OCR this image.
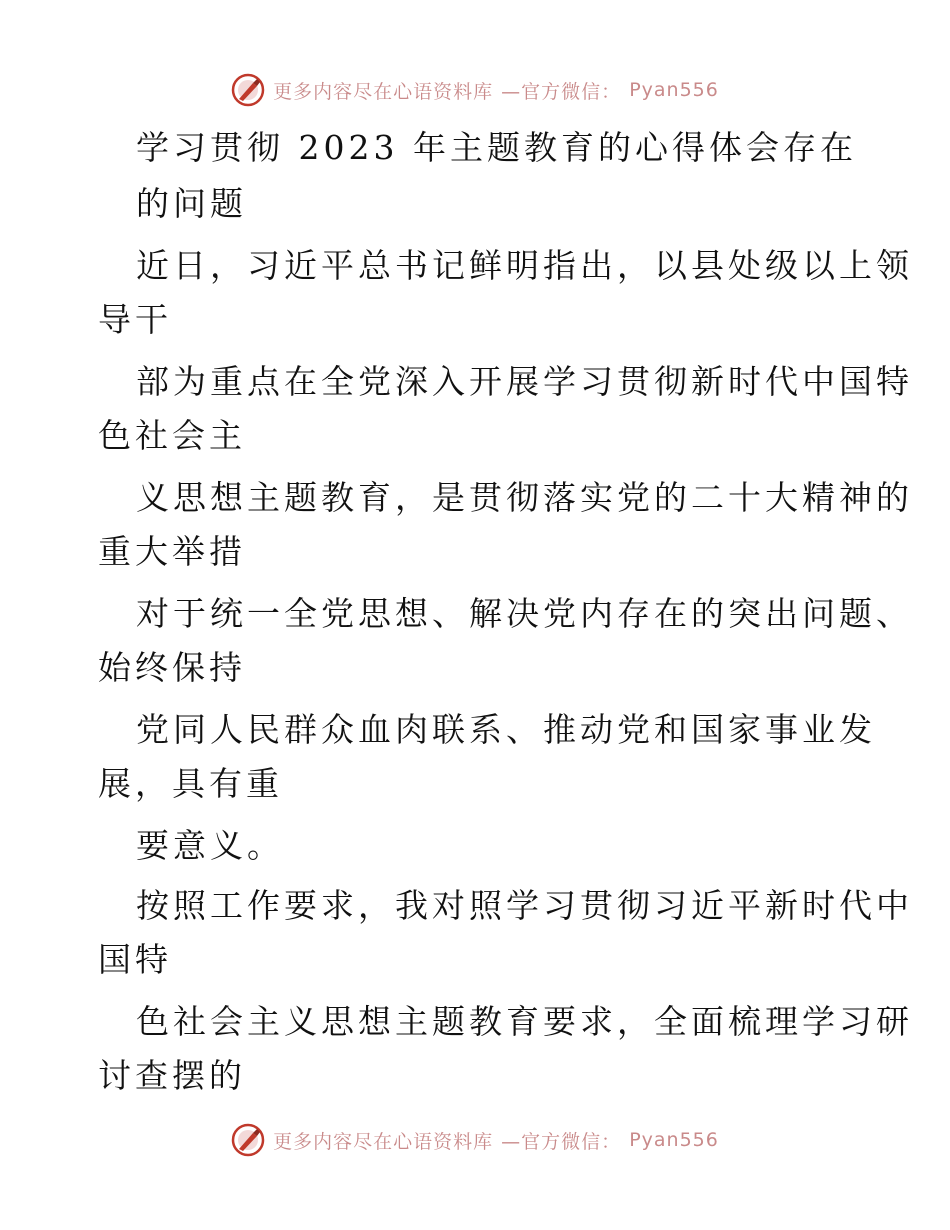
更多内容尽在心语资料库 —官方微信： Pyan556
学习贯彻 2023 年主题教育的心得体会存在
的问题
近日，习近平总书记鲜明指出，以县处级以上领
导干
部为重点在全党深入开展学习贯彻新时代中国特
色社会主
义思想主题教育，是贯彻落实党的二十大精神的
重大举措
对于统一全党思想、解决党内存在的突出问题、
始终保持
党同人民群众血肉联系、推动党和国家事业发
展，具有重
要意义。
按照工作要求，我对照学习贯彻习近平新时代中
国特
色社会主义思想主题教育要求，全面梳理学习研
讨查摆的
更多内容尽在心语资料库 —官方微信： Pyan556
